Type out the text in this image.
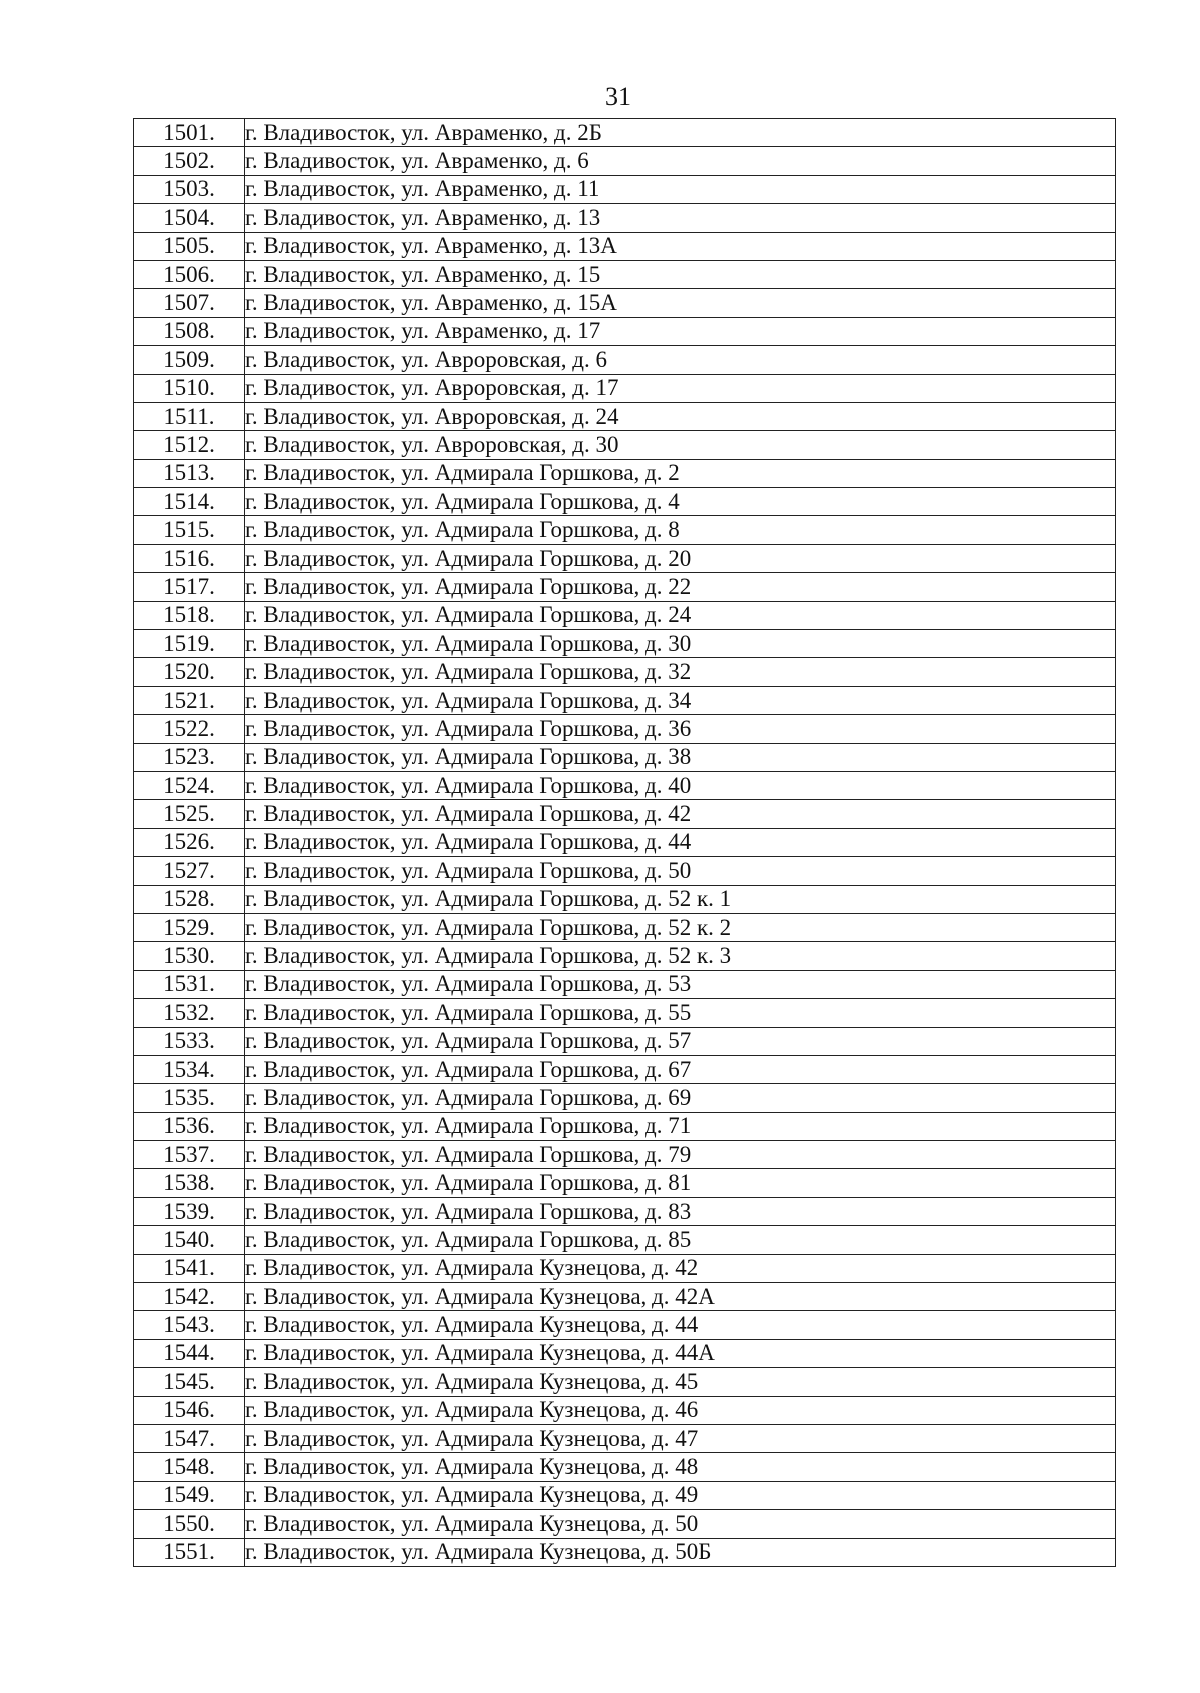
31
1501.	г. Владивосток, ул. Авраменко, д. 2Б
1502.	г. Владивосток, ул. Авраменко, д. 6
1503.	г. Владивосток, ул. Авраменко, д. 11
1504.	г. Владивосток, ул. Авраменко, д. 13
1505.	г. Владивосток, ул. Авраменко, д. 13А
1506.	г. Владивосток, ул. Авраменко, д. 15
1507.	г. Владивосток, ул. Авраменко, д. 15А
1508.	г. Владивосток, ул. Авраменко, д. 17
1509.	г. Владивосток, ул. Авроровская, д. 6
1510.	г. Владивосток, ул. Авроровская, д. 17
1511.	г. Владивосток, ул. Авроровская, д. 24
1512.	г. Владивосток, ул. Авроровская, д. 30
1513.	г. Владивосток, ул. Адмирала Горшкова, д. 2
1514.	г. Владивосток, ул. Адмирала Горшкова, д. 4
1515.	г. Владивосток, ул. Адмирала Горшкова, д. 8
1516.	г. Владивосток, ул. Адмирала Горшкова, д. 20
1517.	г. Владивосток, ул. Адмирала Горшкова, д. 22
1518.	г. Владивосток, ул. Адмирала Горшкова, д. 24
1519.	г. Владивосток, ул. Адмирала Горшкова, д. 30
1520.	г. Владивосток, ул. Адмирала Горшкова, д. 32
1521.	г. Владивосток, ул. Адмирала Горшкова, д. 34
1522.	г. Владивосток, ул. Адмирала Горшкова, д. 36
1523.	г. Владивосток, ул. Адмирала Горшкова, д. 38
1524.	г. Владивосток, ул. Адмирала Горшкова, д. 40
1525.	г. Владивосток, ул. Адмирала Горшкова, д. 42
1526.	г. Владивосток, ул. Адмирала Горшкова, д. 44
1527.	г. Владивосток, ул. Адмирала Горшкова, д. 50
1528.	г. Владивосток, ул. Адмирала Горшкова, д. 52 к. 1
1529.	г. Владивосток, ул. Адмирала Горшкова, д. 52 к. 2
1530.	г. Владивосток, ул. Адмирала Горшкова, д. 52 к. 3
1531.	г. Владивосток, ул. Адмирала Горшкова, д. 53
1532.	г. Владивосток, ул. Адмирала Горшкова, д. 55
1533.	г. Владивосток, ул. Адмирала Горшкова, д. 57
1534.	г. Владивосток, ул. Адмирала Горшкова, д. 67
1535.	г. Владивосток, ул. Адмирала Горшкова, д. 69
1536.	г. Владивосток, ул. Адмирала Горшкова, д. 71
1537.	г. Владивосток, ул. Адмирала Горшкова, д. 79
1538.	г. Владивосток, ул. Адмирала Горшкова, д. 81
1539.	г. Владивосток, ул. Адмирала Горшкова, д. 83
1540.	г. Владивосток, ул. Адмирала Горшкова, д. 85
1541.	г. Владивосток, ул. Адмирала Кузнецова, д. 42
1542.	г. Владивосток, ул. Адмирала Кузнецова, д. 42А
1543.	г. Владивосток, ул. Адмирала Кузнецова, д. 44
1544.	г. Владивосток, ул. Адмирала Кузнецова, д. 44А
1545.	г. Владивосток, ул. Адмирала Кузнецова, д. 45
1546.	г. Владивосток, ул. Адмирала Кузнецова, д. 46
1547.	г. Владивосток, ул. Адмирала Кузнецова, д. 47
1548.	г. Владивосток, ул. Адмирала Кузнецова, д. 48
1549.	г. Владивосток, ул. Адмирала Кузнецова, д. 49
1550.	г. Владивосток, ул. Адмирала Кузнецова, д. 50
1551.	г. Владивосток, ул. Адмирала Кузнецова, д. 50Б
